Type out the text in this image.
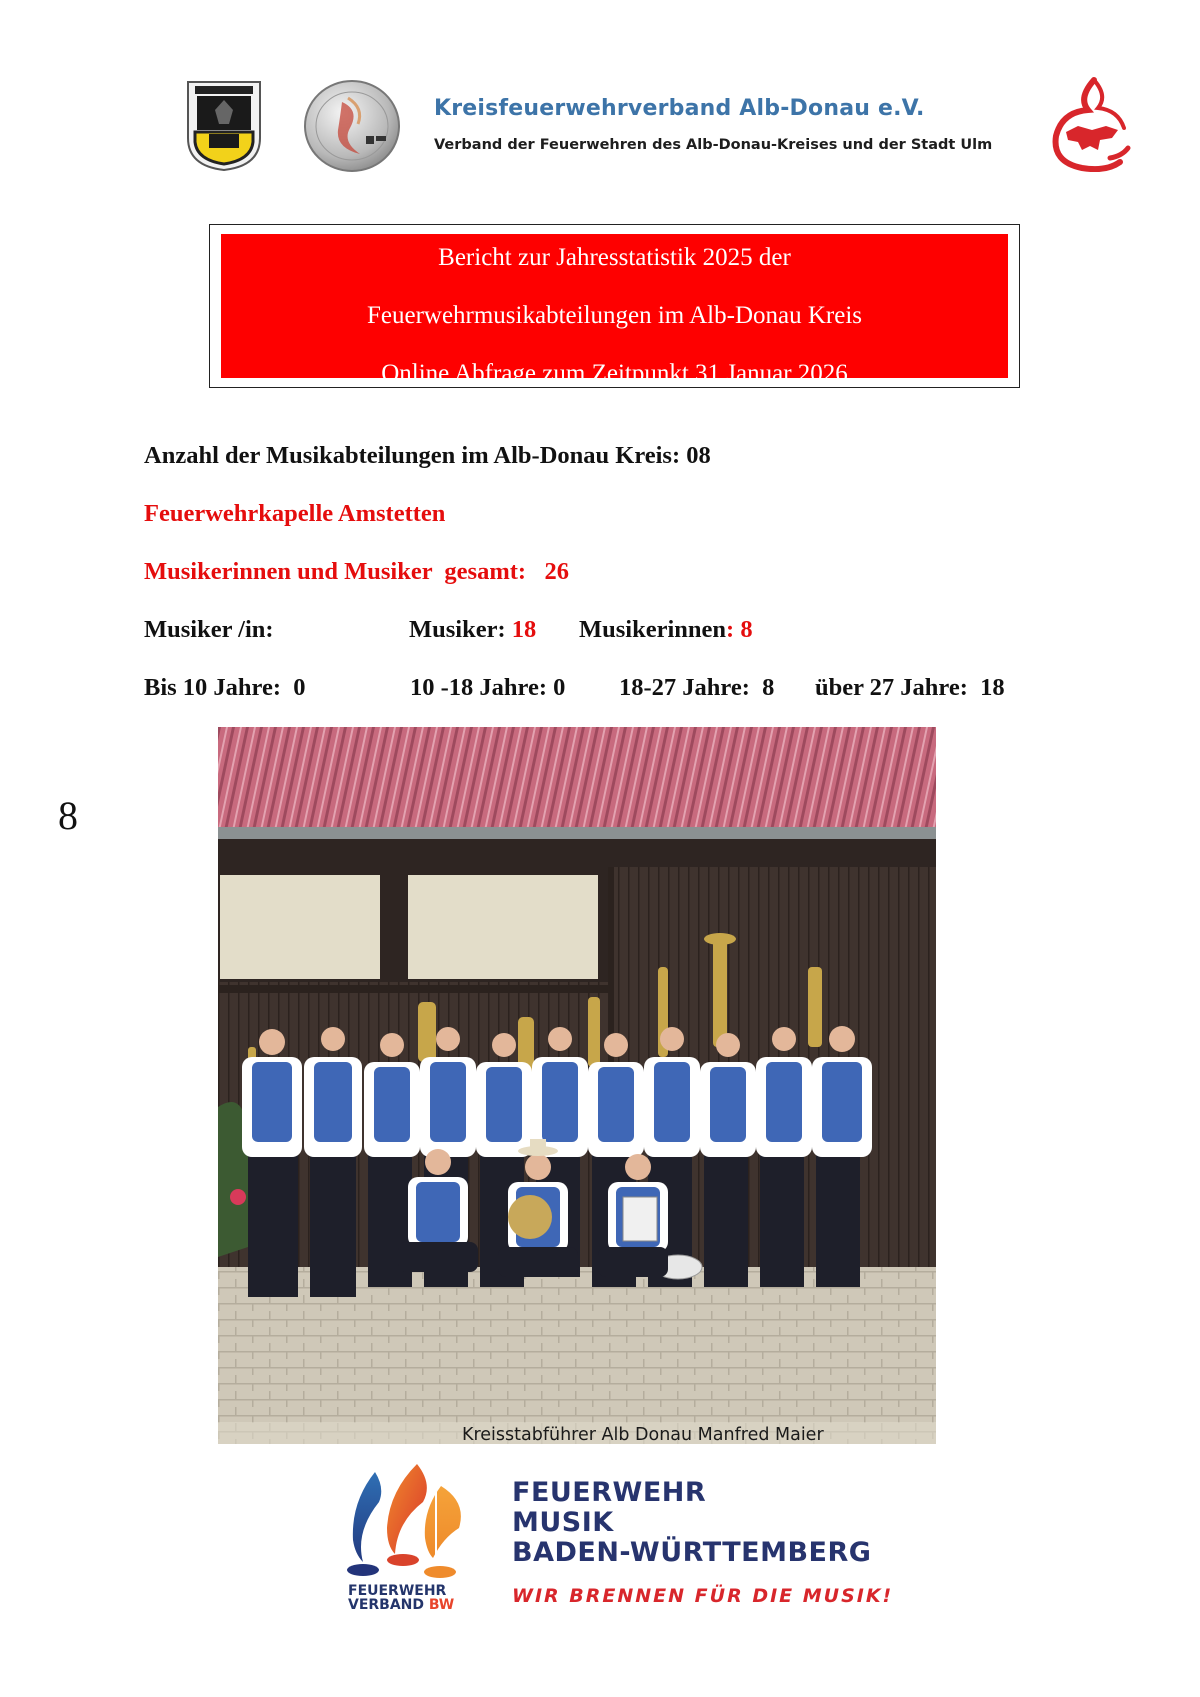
Kreisfeuerwehrverband Alb-Donau e.V.
Verband der Feuerwehren des Alb-Donau-Kreises und der Stadt Ulm
Bericht zur Jahresstatistik 2025 der
Feuerwehrmusikabteilungen im Alb-Donau Kreis
Online Abfrage zum Zeitpunkt 31.Januar 2026
Anzahl der Musikabteilungen im Alb-Donau Kreis: 08
Feuerwehrkapelle Amstetten
Musikerinnen und Musiker  gesamt: 26
Musiker /in:	Musiker: 18 Musikerinnen: 8
Bis 10 Jahre: 0	10 -18 Jahre: 0 18-27 Jahre: 8 über 27 Jahre: 18
8
Kreisstabführer Alb Donau Manfred Maier
FEUERWEHR
VERBAND BW
FEUERWEHR
MUSIK
BADEN-WÜRTTEMBERG
WIR BRENNEN FÜR DIE MUSIK!
